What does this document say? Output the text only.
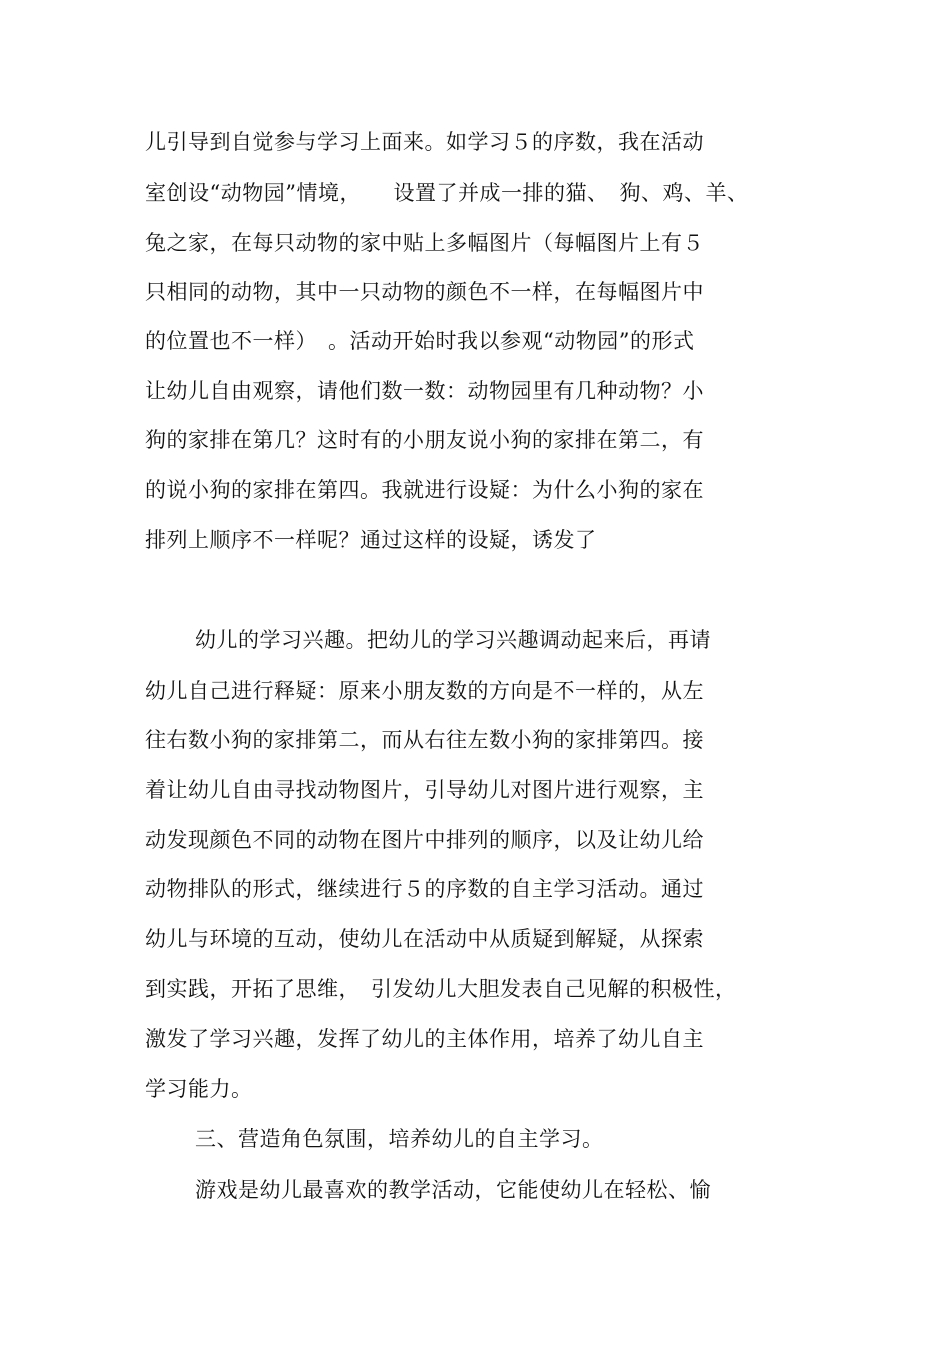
儿引导到自觉参与学习上面来。如学习５的序数，我在活动
室创设“动物园”情境，　　设置了并成一排的猫、　狗、鸡、羊、
兔之家，在每只动物的家中贴上多幅图片（每幅图片上有５
只相同的动物，其中一只动物的颜色不一样，在每幅图片中
的位置也不一样）　。活动开始时我以参观“动物园”的形式
让幼儿自由观察，请他们数一数：动物园里有几种动物？小
狗的家排在第几？这时有的小朋友说小狗的家排在第二，有
的说小狗的家排在第四。我就进行设疑：为什么小狗的家在
排列上顺序不一样呢？通过这样的设疑，诱发了
幼儿的学习兴趣。把幼儿的学习兴趣调动起来后，再请
幼儿自己进行释疑：原来小朋友数的方向是不一样的，从左
往右数小狗的家排第二，而从右往左数小狗的家排第四。接
着让幼儿自由寻找动物图片，引导幼儿对图片进行观察，主
动发现颜色不同的动物在图片中排列的顺序，以及让幼儿给
动物排队的形式，继续进行５的序数的自主学习活动。通过
幼儿与环境的互动，使幼儿在活动中从质疑到解疑，从探索
到实践，开拓了思维，　引发幼儿大胆发表自己见解的积极性，
激发了学习兴趣，发挥了幼儿的主体作用，培养了幼儿自主
学习能力。
三、营造角色氛围，培养幼儿的自主学习。
游戏是幼儿最喜欢的教学活动，它能使幼儿在轻松、愉
